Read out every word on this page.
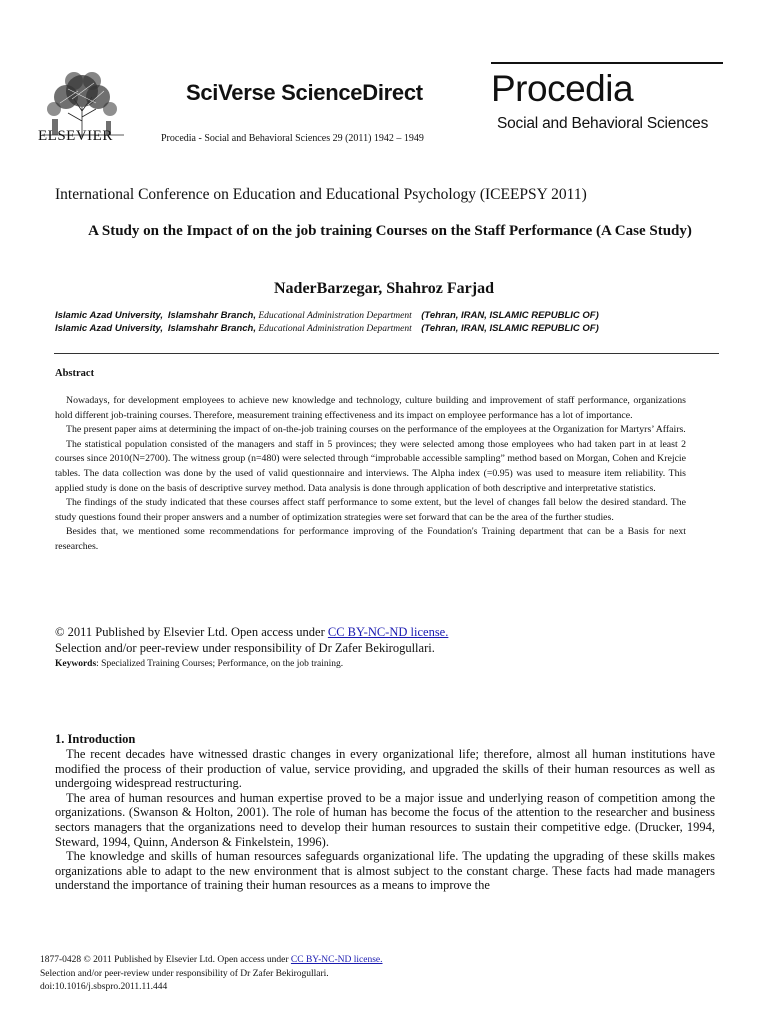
ELSEVIER
SciVerse ScienceDirect
Procedia - Social and Behavioral Sciences 29 (2011) 1942 – 1949
Procedia
Social and Behavioral Sciences
International Conference on Education and Educational Psychology (ICEEPSY 2011)
A Study on the Impact of on the job training Courses on the Staff Performance (A Case Study)
NaderBarzegar, Shahroz Farjad
Islamic Azad University, Islamshahr Branch, Educational Administration Department (Tehran, IRAN, ISLAMIC REPUBLIC OF)
Islamic Azad University, Islamshahr Branch, Educational Administration Department (Tehran, IRAN, ISLAMIC REPUBLIC OF)
Abstract

Nowadays, for development employees to achieve new knowledge and technology, culture building and improvement of staff performance, organizations hold different job-training courses. Therefore, measurement training effectiveness and its impact on employee performance has a lot of importance.

The present paper aims at determining the impact of on-the-job training courses on the performance of the employees at the Organization for Martyrs’ Affairs.

The statistical population consisted of the managers and staff in 5 provinces; they were selected among those employees who had taken part in at least 2 courses since 2010(N=2700). The witness group (n=480) were selected through “improbable accessible sampling” method based on Morgan, Cohen and Krejcie tables. The data collection was done by the used of valid questionnaire and interviews. The Alpha index (=0.95) was used to measure item reliability. This applied study is done on the basis of descriptive survey method. Data analysis is done through application of both descriptive and interpretative statistics.

The findings of the study indicated that these courses affect staff performance to some extent, but the level of changes fall below the desired standard. The study questions found their proper answers and a number of optimization strategies were set forward that can be the area of the further studies.

Besides that, we mentioned some recommendations for performance improving of the Foundation's Training department that can be a Basis for next researches.

© 2011 Published by Elsevier Ltd. Open access under CC BY-NC-ND license.
Selection and/or peer-review under responsibility of Dr Zafer Bekirogullari.
Keywords: Specialized Training Courses; Performance, on the job training.
1. Introduction

The recent decades have witnessed drastic changes in every organizational life; therefore, almost all human institutions have modified the process of their production of value, service providing, and upgraded the skills of their human resources as well as undergoing widespread restructuring.

The area of human resources and human expertise proved to be a major issue and underlying reason of competition among the organizations. (Swanson & Holton, 2001). The role of human has become the focus of the attention to the researcher and business sectors managers that the organizations need to develop their human resources to sustain their competitive edge. (Drucker, 1994, Steward, 1994, Quinn, Anderson & Finkelstein, 1996).

The knowledge and skills of human resources safeguards organizational life. The updating the upgrading of these skills makes organizations able to adapt to the new environment that is almost subject to the constant charge. These facts had made managers understand the importance of training their human resources as a means to improve the

1877-0428 © 2011 Published by Elsevier Ltd. Open access under CC BY-NC-ND license.
Selection and/or peer-review under responsibility of Dr Zafer Bekirogullari.
doi:10.1016/j.sbspro.2011.11.444
